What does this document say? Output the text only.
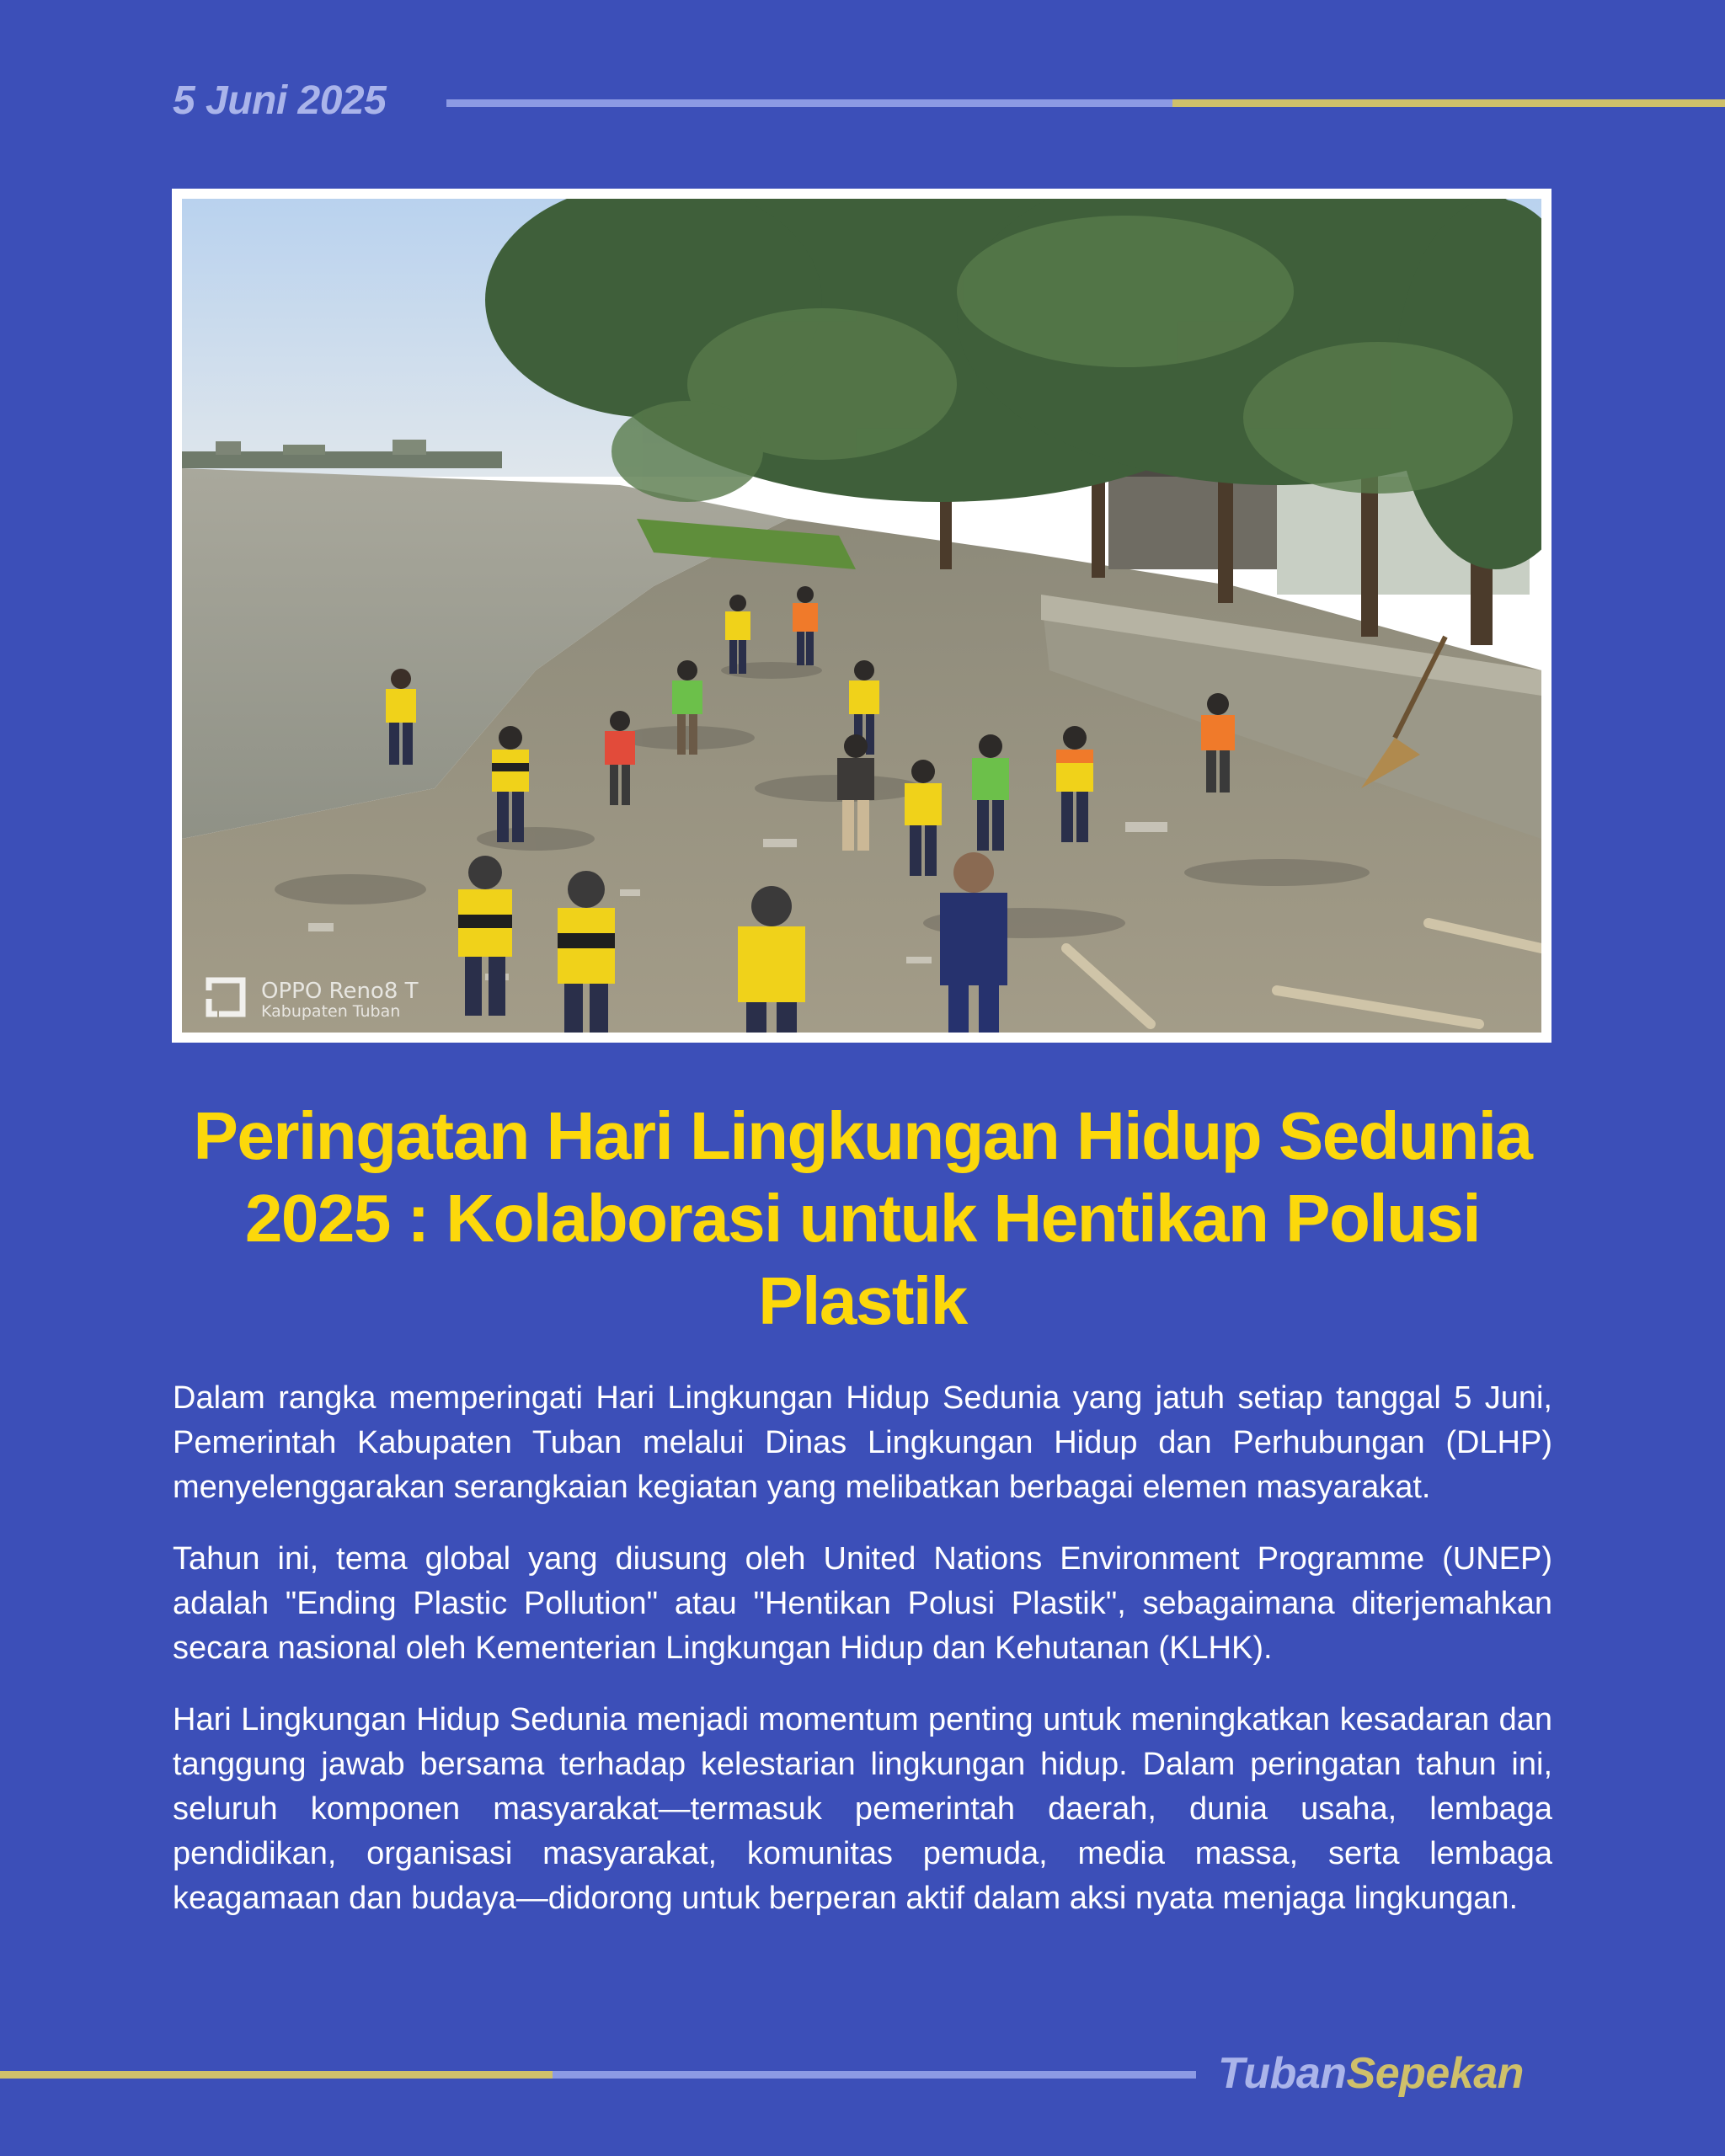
5 Juni 2025
OPPO Reno8 T
Kabupaten Tuban
Peringatan Hari Lingkungan Hidup Sedunia 2025 : Kolaborasi untuk Hentikan Polusi Plastik

Dalam rangka memperingati Hari Lingkungan Hidup Sedunia yang jatuh setiap tanggal 5 Juni, Pemerintah Kabupaten Tuban melalui Dinas Lingkungan Hidup dan Perhubungan (DLHP) menyelenggarakan serangkaian kegiatan yang melibatkan berbagai elemen masyarakat.

Tahun ini, tema global yang diusung oleh United Nations Environment Programme (UNEP) adalah "Ending Plastic Pollution" atau "Hentikan Polusi Plastik", sebagaimana diterjemahkan secara nasional oleh Kementerian Lingkungan Hidup dan Kehutanan (KLHK).

Hari Lingkungan Hidup Sedunia menjadi momentum penting untuk meningkatkan kesadaran dan tanggung jawab bersama terhadap kelestarian lingkungan hidup. Dalam peringatan tahun ini, seluruh komponen masyarakat—termasuk pemerintah daerah, dunia usaha, lembaga pendidikan, organisasi masyarakat, komunitas pemuda, media massa, serta lembaga keagamaan dan budaya—didorong untuk berperan aktif dalam aksi nyata menjaga lingkungan.

TubanSepekan
